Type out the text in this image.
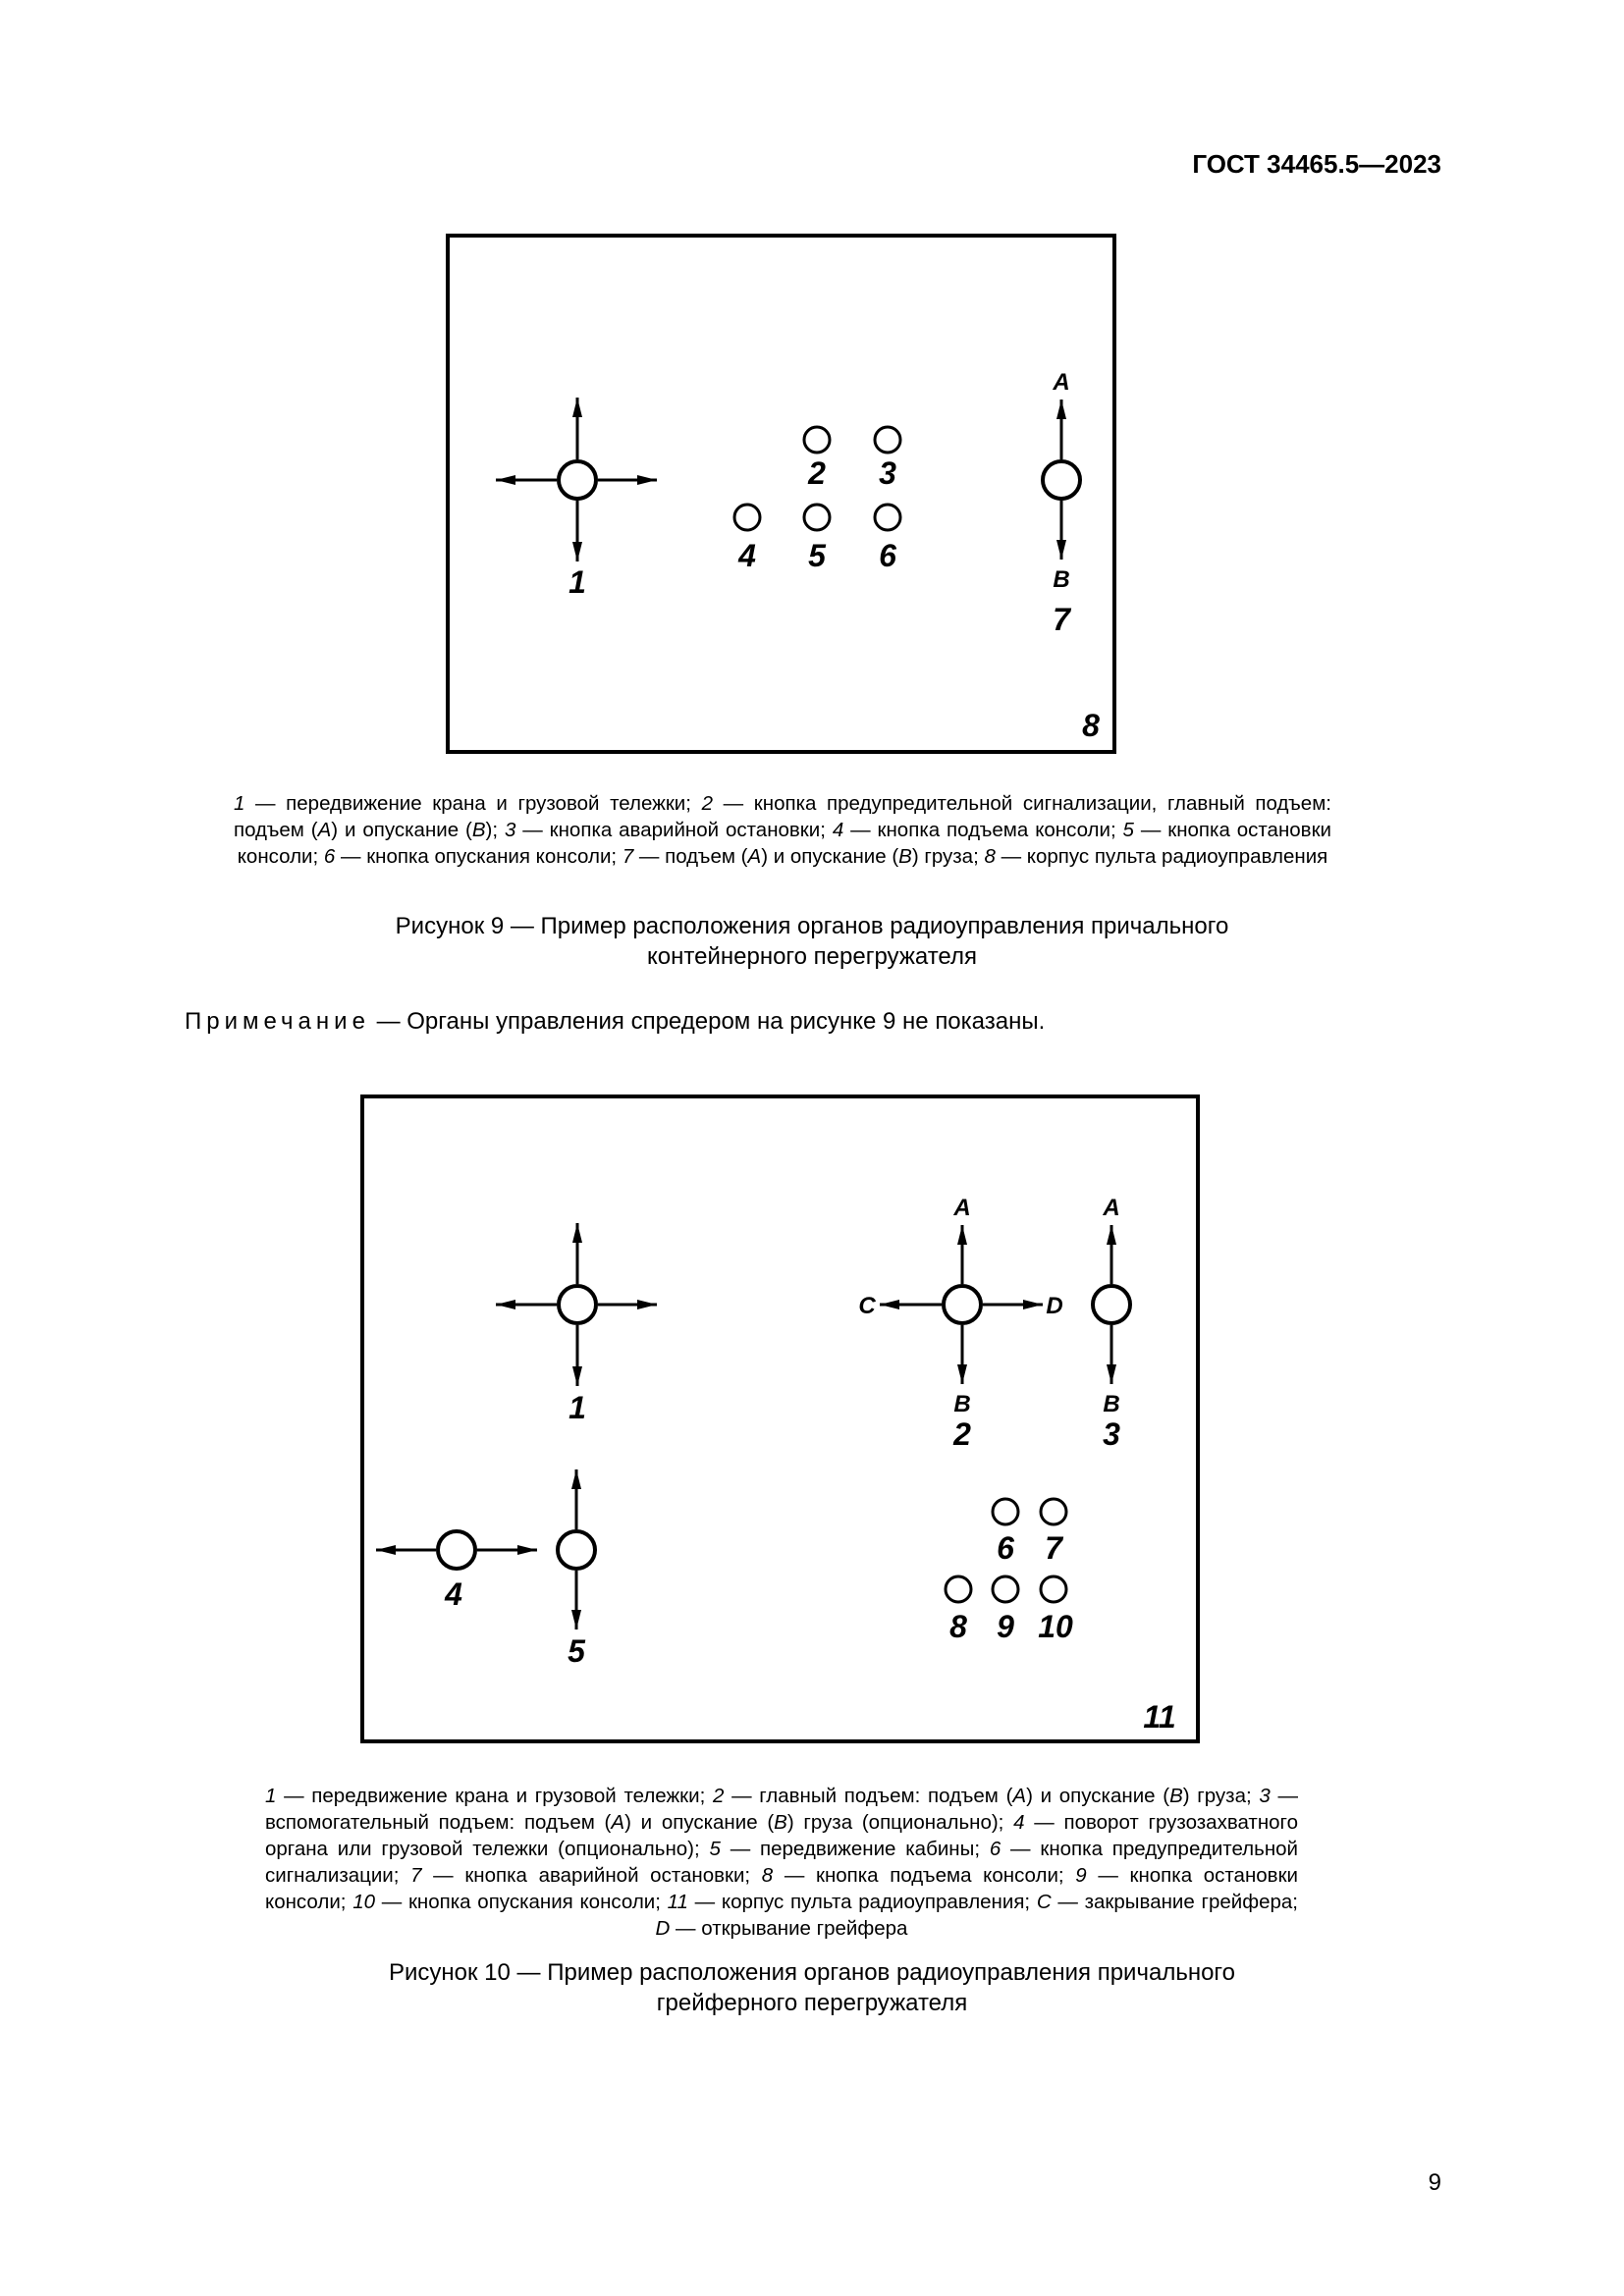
ГОСТ 34465.5—2023
1
2 3
4 5 6
A
B
7
8
1 — передвижение крана и грузовой тележки; 2 — кнопка предупредительной сигнализации, главный подъем: подъем (A) и опускание (B); 3 — кнопка аварийной остановки; 4 — кнопка подъема консоли; 5 — кнопка остановки консоли; 6 — кнопка опускания консоли; 7 — подъем (A) и опускание (B) груза; 8 — корпус пульта радиоуправления
Рисунок 9 — Пример расположения органов радиоуправления причального контейнерного перегружателя
Примечание — Органы управления спредером на рисунке 9 не показаны.
1
A
B
C	D
2
A
B
3
4
5
6 7
8 9 10
11
1 — передвижение крана и грузовой тележки; 2 — главный подъем: подъем (A) и опускание (B) груза; 3 — вспомогательный подъем: подъем (A) и опускание (B) груза (опционально); 4 — поворот грузозахватного органа или грузовой тележки (опционально); 5 — передвижение кабины; 6 — кнопка предупредительной сигнализации; 7 — кнопка аварийной остановки; 8 — кнопка подъема консоли; 9 — кнопка остановки консоли; 10 — кнопка опускания консоли; 11 — корпус пульта радиоуправления; C — закрывание грейфера; D — открывание грейфера
Рисунок 10 — Пример расположения органов радиоуправления причального грейферного перегружателя
9
